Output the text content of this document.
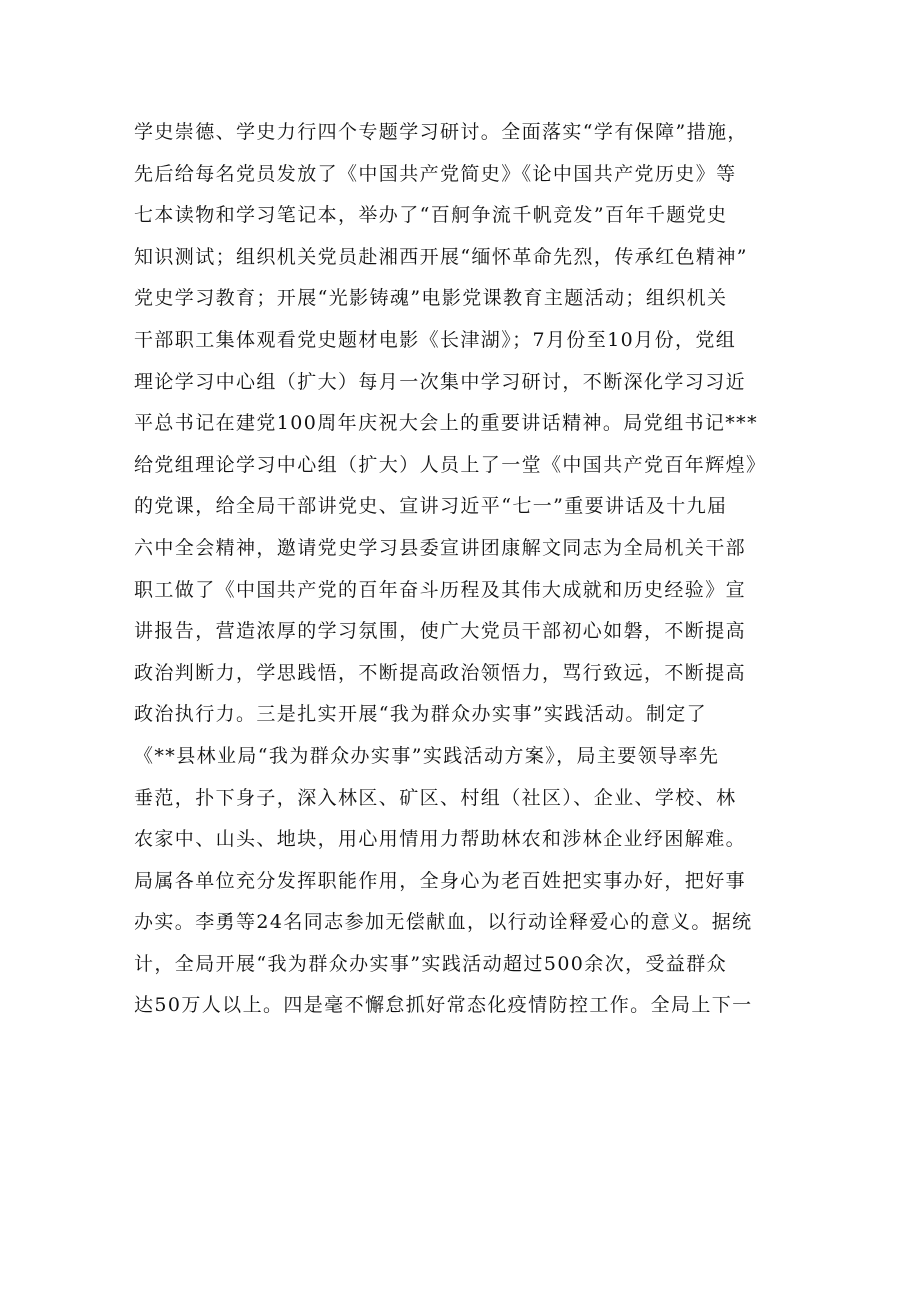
学史崇德、学史力行四个专题学习研讨。全面落实“学有保障”措施，
先后给每名党员发放了《中国共产党简史》《论中国共产党历史》等
七本读物和学习笔记本，举办了“百舸争流千帆竞发”百年千题党史
知识测试；组织机关党员赴湘西开展“缅怀革命先烈，传承红色精神”
党史学习教育；开展“光影铸魂”电影党课教育主题活动；组织机关
干部职工集体观看党史题材电影《长津湖》；7月份至10月份，党组
理论学习中心组（扩大）每月一次集中学习研讨，不断深化学习习近
平总书记在建党100周年庆祝大会上的重要讲话精神。局党组书记***
给党组理论学习中心组（扩大）人员上了一堂《中国共产党百年辉煌》
的党课，给全局干部讲党史、宣讲习近平“七一”重要讲话及十九届
六中全会精神，邀请党史学习县委宣讲团康解文同志为全局机关干部
职工做了《中国共产党的百年奋斗历程及其伟大成就和历史经验》宣
讲报告，营造浓厚的学习氛围，使广大党员干部初心如磐，不断提高
政治判断力，学思践悟，不断提高政治领悟力，骂行致远，不断提高
政治执行力。三是扎实开展“我为群众办实事”实践活动。制定了
《**县林业局“我为群众办实事”实践活动方案》，局主要领导率先
垂范，扑下身子，深入林区、矿区、村组（社区）、企业、学校、林
农家中、山头、地块，用心用情用力帮助林农和涉林企业纾困解难。
局属各单位充分发挥职能作用，全身心为老百姓把实事办好，把好事
办实。李勇等24名同志参加无偿献血，以行动诠释爱心的意义。据统
计，全局开展“我为群众办实事”实践活动超过500余次，受益群众
达50万人以上。四是毫不懈怠抓好常态化疫情防控工作。全局上下一
